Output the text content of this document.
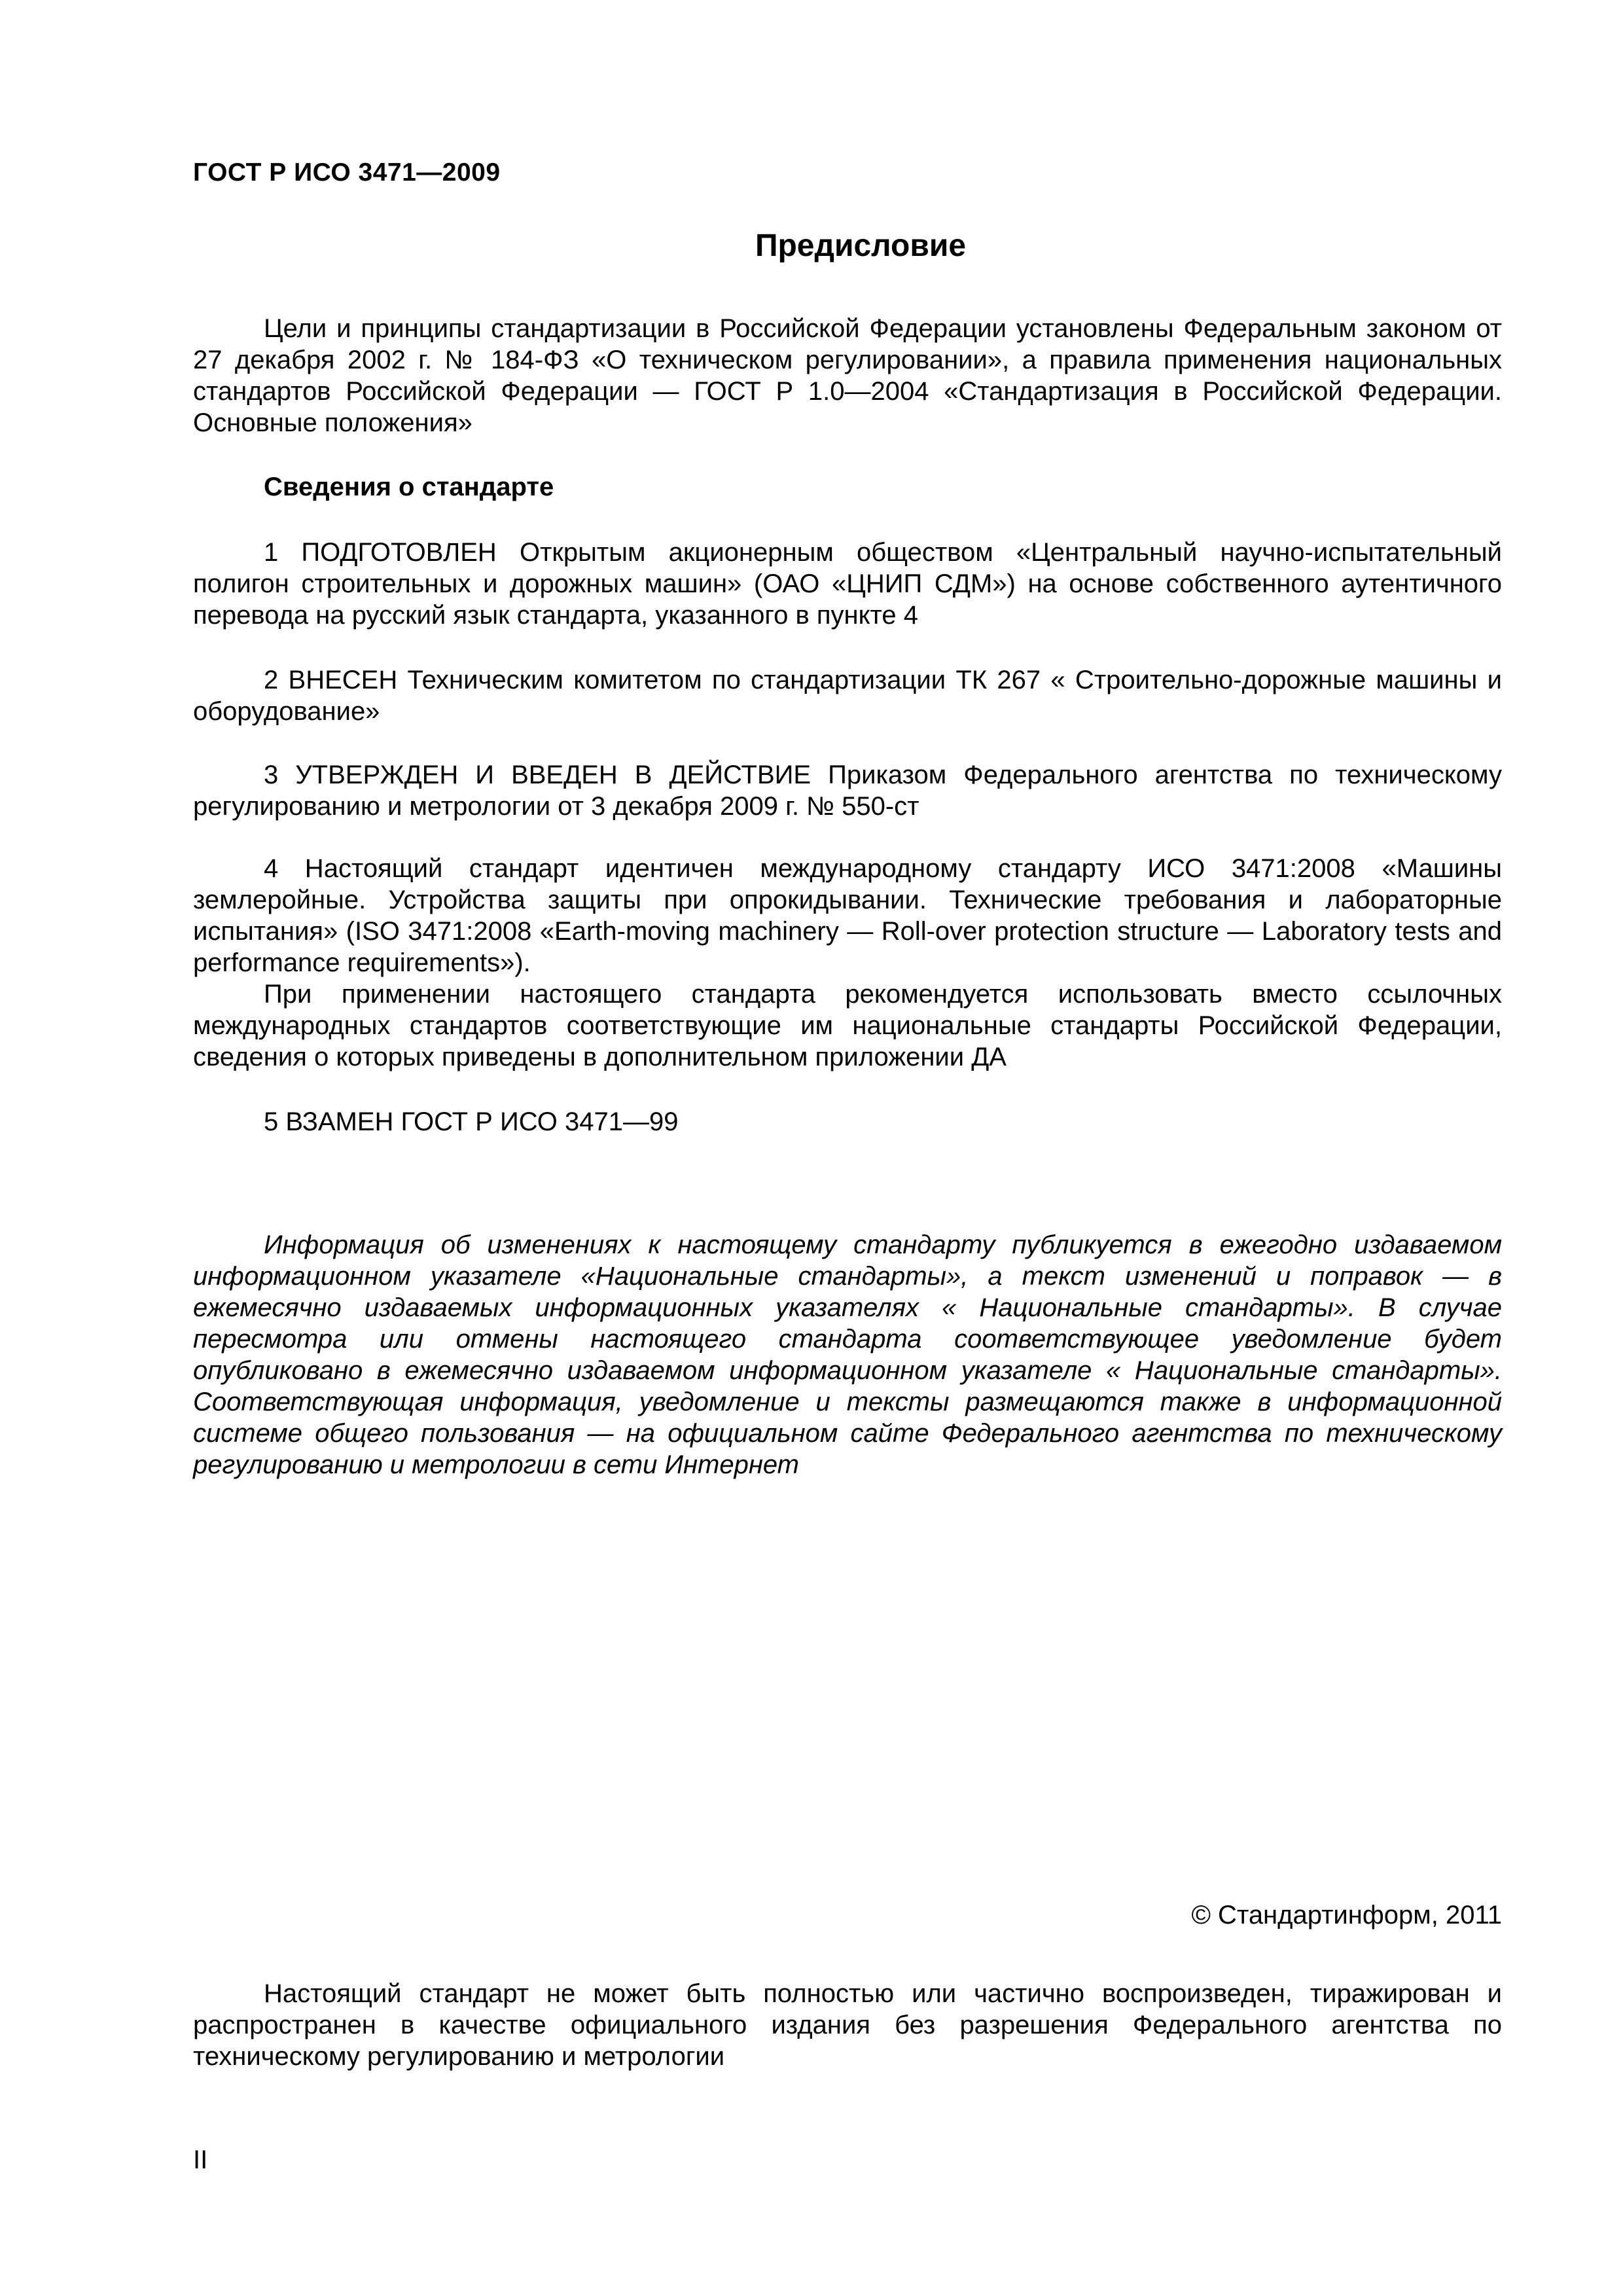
ГОСТ Р ИСО 3471—2009
Предисловие

Цели и принципы стандартизации в Российской Федерации установлены Федеральным законом от 27 декабря 2002 г. № 184-ФЗ «О техническом регулировании», а правила применения национальных стандартов Российской Федерации — ГОСТ Р 1.0—2004 «Стандартизация в Российской Федерации. Основные положения»

Сведения о стандарте

1 ПОДГОТОВЛЕН Открытым акционерным обществом «Центральный научно-испытательный полигон строительных и дорожных машин» (ОАО «ЦНИП СДМ») на основе собственного аутентичного перевода на русский язык стандарта, указанного в пункте 4

2 ВНЕСЕН Техническим комитетом по стандартизации ТК 267 « Строительно-дорожные машины и оборудование»

3 УТВЕРЖДЕН И ВВЕДЕН В ДЕЙСТВИЕ Приказом Федерального агентства по техническому регулированию и метрологии от 3 декабря 2009 г. № 550-ст

4 Настоящий стандарт идентичен международному стандарту ИСО 3471:2008 «Машины землеройные. Устройства защиты при опрокидывании. Технические требования и лабораторные испытания» (ISO 3471:2008 «Earth-moving machinery — Roll-over protection structure — Laboratory tests and performance requirements»).

При применении настоящего стандарта рекомендуется использовать вместо ссылочных международных стандартов соответствующие им национальные стандарты Российской Федерации, сведения о которых приведены в дополнительном приложении ДА

5 ВЗАМЕН ГОСТ Р ИСО 3471—99

Информация об изменениях к настоящему стандарту публикуется в ежегодно издаваемом информационном указателе «Национальные стандарты», а текст изменений и поправок — в ежемесячно издаваемых информационных указателях « Национальные стандарты». В случае пересмотра или отмены настоящего стандарта соответствующее уведомление будет опубликовано в ежемесячно издаваемом информационном указателе « Национальные стандарты». Соответствующая информация, уведомление и тексты размещаются также в информационной системе общего пользования — на официальном сайте Федерального агентства по техническому регулированию и метрологии в сети Интернет

© Стандартинформ, 2011

Настоящий стандарт не может быть полностью или частично воспроизведен, тиражирован и распространен в качестве официального издания без разрешения Федерального агентства по техническому регулированию и метрологии

II
